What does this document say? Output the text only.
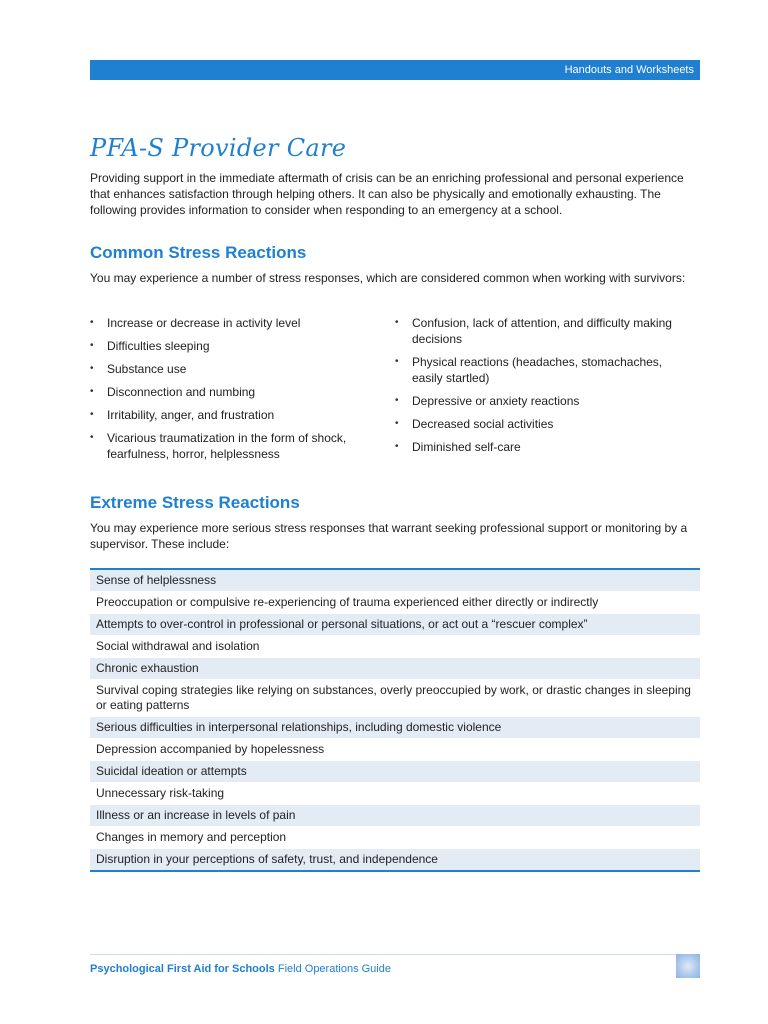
Handouts and Worksheets
PFA-S Provider Care

Providing support in the immediate aftermath of crisis can be an enriching professional and personal experience that enhances satisfaction through helping others. It can also be physically and emotionally exhausting. The following provides information to consider when responding to an emergency at a school.

Common Stress Reactions

You may experience a number of stress responses, which are considered common when working with survivors:

• Increase or decrease in activity level
• Difficulties sleeping
• Substance use
• Disconnection and numbing
• Irritability, anger, and frustration
• Vicarious traumatization in the form of shock, fearfulness, horror, helplessness
• Confusion, lack of attention, and difficulty making decisions
• Physical reactions (headaches, stomachaches, easily startled)
• Depressive or anxiety reactions
• Decreased social activities
• Diminished self-care
Extreme Stress Reactions

You may experience more serious stress responses that warrant seeking professional support or monitoring by a supervisor. These include:

Sense of helplessness
Preoccupation or compulsive re-experiencing of trauma experienced either directly or indirectly
Attempts to over-control in professional or personal situations, or act out a “rescuer complex”
Social withdrawal and isolation
Chronic exhaustion
Survival coping strategies like relying on substances, overly preoccupied by work, or drastic changes in sleeping or eating patterns
Serious difficulties in interpersonal relationships, including domestic violence
Depression accompanied by hopelessness
Suicidal ideation or attempts
Unnecessary risk-taking
Illness or an increase in levels of pain
Changes in memory and perception
Disruption in your perceptions of safety, trust, and independence
Psychological First Aid for Schools Field Operations Guide
